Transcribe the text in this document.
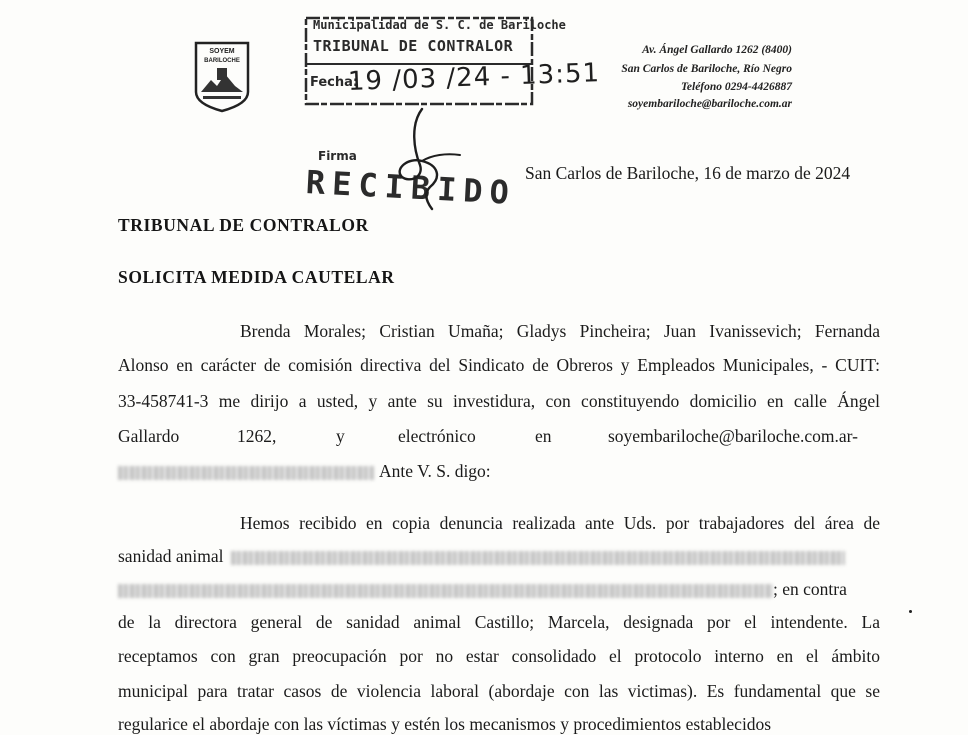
SOYEM
BARILOCHE
Municipalidad de S. C. de Bariloche
TRIBUNAL DE CONTRALOR
Fecha:
19 /03 /24 - 13:51
Firma
RECIBIDO
Av. Ángel Gallardo 1262 (8400)
San Carlos de Bariloche, Río Negro
Teléfono 0294-4426887
soyembariloche@bariloche.com.ar
San Carlos de Bariloche, 16 de marzo de 2024
TRIBUNAL DE CONTRALOR
SOLICITA MEDIDA CAUTELAR
Brenda Morales; Cristian Umaña; Gladys Pincheira; Juan Ivanissevich; Fernanda
Alonso en carácter de comisión directiva del Sindicato de Obreros y Empleados Municipales, - CUIT:
33-458741-3 me dirijo a usted, y ante su investidura, con constituyendo domicilio en calle Ángel
Gallardo	1262,	y	electrónico	en	soyembariloche@bariloche.com.ar-
Ante V. S. digo:
Hemos recibido en copia denuncia realizada ante Uds. por trabajadores del área de
sanidad animal
; en contra
de la directora general de sanidad animal Castillo; Marcela, designada por el intendente. La
receptamos con gran preocupación por no estar consolidado el protocolo interno en el ámbito
municipal para tratar casos de violencia laboral (abordaje con las victimas). Es fundamental que se
regularice el abordaje con las víctimas y estén los mecanismos y procedimientos establecidos
